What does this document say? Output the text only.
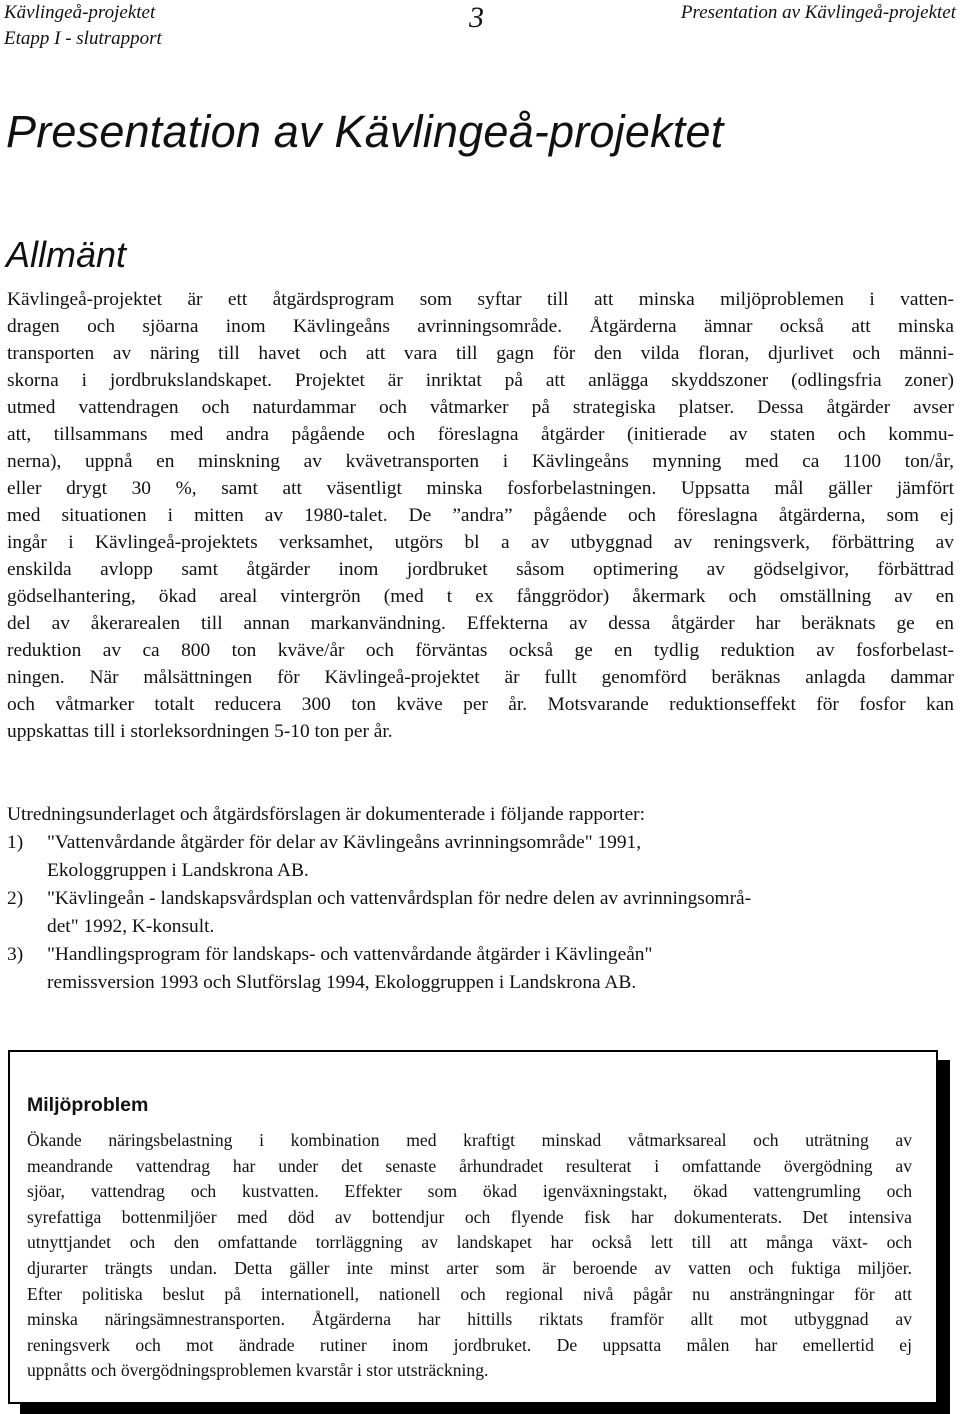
Kävlingeå-projektet
Etapp I - slutrapport
3	Presentation av Kävlingeå-projektet
Presentation av Kävlingeå-projektet
Allmänt
Kävlingeå-projektet är ett åtgärdsprogram som syftar till att minska miljöproblemen i vatten-
dragen och sjöarna inom Kävlingeåns avrinningsområde. Åtgärderna ämnar också att minska
transporten av näring till havet och att vara till gagn för den vilda floran, djurlivet och männi-
skorna i jordbrukslandskapet. Projektet är inriktat på att anlägga skyddszoner (odlingsfria zoner)
utmed vattendragen och naturdammar och våtmarker på strategiska platser. Dessa åtgärder avser
att, tillsammans med andra pågående och föreslagna åtgärder (initierade av staten och kommu-
nerna), uppnå en minskning av kvävetransporten i Kävlingeåns mynning med ca 1100 ton/år,
eller drygt 30 %, samt att väsentligt minska fosforbelastningen. Uppsatta mål gäller jämfört
med situationen i mitten av 1980-talet. De ”andra” pågående och föreslagna åtgärderna, som ej
ingår i Kävlingeå-projektets verksamhet, utgörs bl a av utbyggnad av reningsverk, förbättring av
enskilda avlopp samt åtgärder inom jordbruket såsom optimering av gödselgivor, förbättrad
gödselhantering, ökad areal vintergrön (med t ex fånggrödor) åkermark och omställning av en
del av åkerarealen till annan markanvändning. Effekterna av dessa åtgärder har beräknats ge en
reduktion av ca 800 ton kväve/år och förväntas också ge en tydlig reduktion av fosforbelast-
ningen. När målsättningen för Kävlingeå-projektet är fullt genomförd beräknas anlagda dammar
och våtmarker totalt reducera 300 ton kväve per år. Motsvarande reduktionseffekt för fosfor kan
uppskattas till i storleksordningen 5-10 ton per år.

Utredningsunderlaget och åtgärdsförslagen är dokumenterade i följande rapporter:

1) "Vattenvårdande åtgärder för delar av Kävlingeåns avrinningsområde" 1991,
Ekologgruppen i Landskrona AB.
2) "Kävlingeån - landskapsvårdsplan och vattenvårdsplan för nedre delen av avrinningsområ-
det" 1992, K-konsult.
3) "Handlingsprogram för landskaps- och vattenvårdande åtgärder i Kävlingeån"
remissversion 1993 och Slutförslag 1994, Ekologgruppen i Landskrona AB.
Miljöproblem
Ökande näringsbelastning i kombination med kraftigt minskad våtmarksareal och uträtning av
meandrande vattendrag har under det senaste århundradet resulterat i omfattande övergödning av
sjöar, vattendrag och kustvatten. Effekter som ökad igenväxningstakt, ökad vattengrumling och
syrefattiga bottenmiljöer med död av bottendjur och flyende fisk har dokumenterats. Det intensiva
utnyttjandet och den omfattande torrläggning av landskapet har också lett till att många växt- och
djurarter trängts undan. Detta gäller inte minst arter som är beroende av vatten och fuktiga miljöer.
Efter politiska beslut på internationell, nationell och regional nivå pågår nu ansträngningar för att
minska näringsämnestransporten. Åtgärderna har hittills riktats framför allt mot utbyggnad av
reningsverk och mot ändrade rutiner inom jordbruket. De uppsatta målen har emellertid ej
uppnåtts och övergödningsproblemen kvarstår i stor utsträckning.
